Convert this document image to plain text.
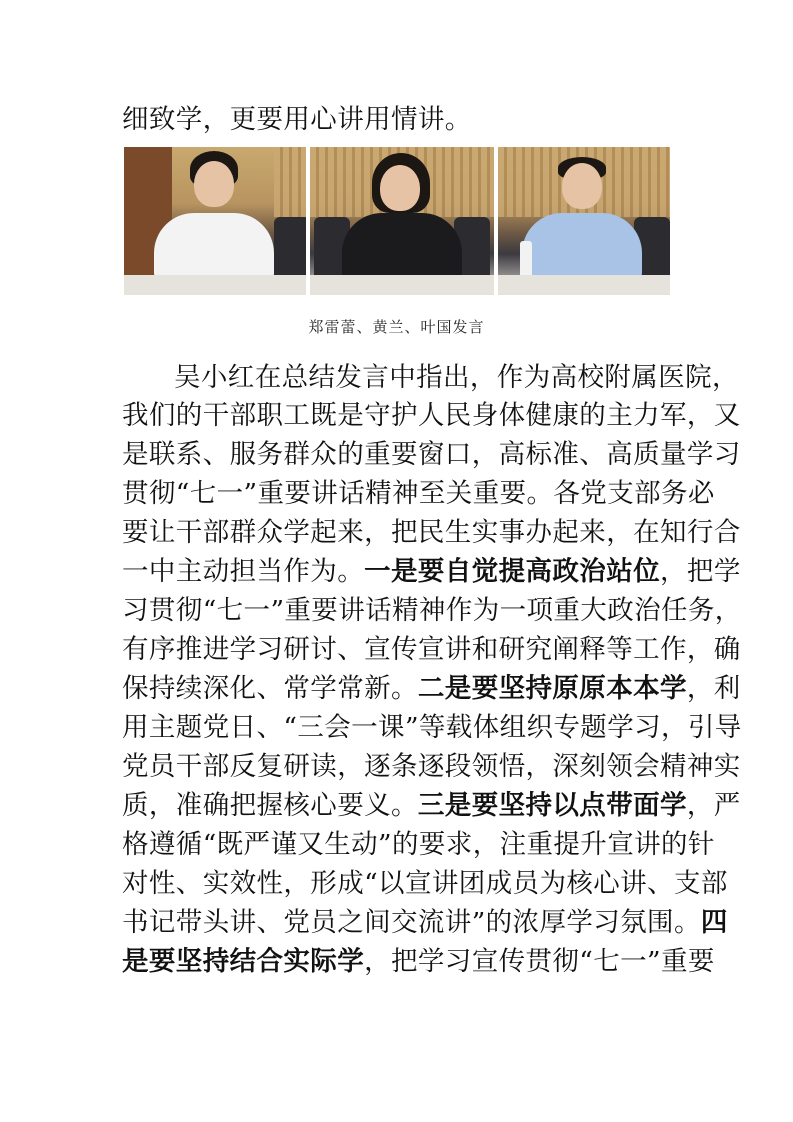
细致学，更要用心讲用情讲。
郑雷蕾、黄兰、叶国发言
吴小红在总结发言中指出，作为高校附属医院，
我们的干部职工既是守护人民身体健康的主力军，又
是联系、服务群众的重要窗口，高标准、高质量学习
贯彻“七一”重要讲话精神至关重要。各党支部务必
要让干部群众学起来，把民生实事办起来，在知行合
一中主动担当作为。一是要自觉提高政治站位，把学
习贯彻“七一”重要讲话精神作为一项重大政治任务，
有序推进学习研讨、宣传宣讲和研究阐释等工作，确
保持续深化、常学常新。二是要坚持原原本本学，利
用主题党日、“三会一课”等载体组织专题学习，引导
党员干部反复研读，逐条逐段领悟，深刻领会精神实
质，准确把握核心要义。三是要坚持以点带面学，严
格遵循“既严谨又生动”的要求，注重提升宣讲的针
对性、实效性，形成“以宣讲团成员为核心讲、支部
书记带头讲、党员之间交流讲”的浓厚学习氛围。四
是要坚持结合实际学，把学习宣传贯彻“七一”重要
